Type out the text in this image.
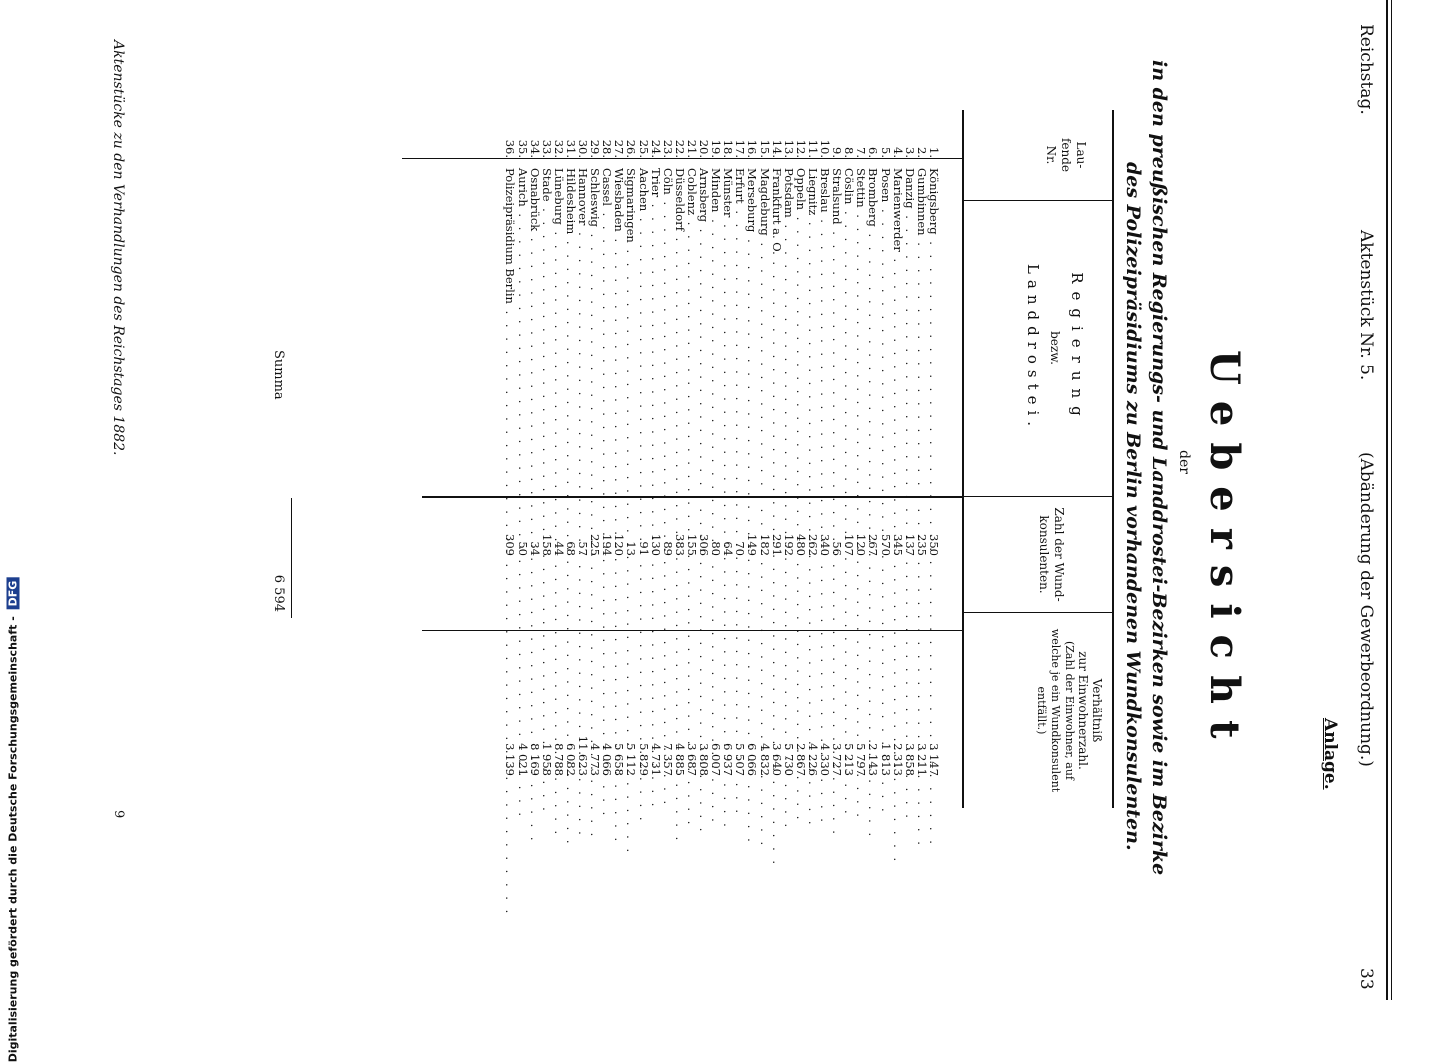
Digitalisierung gefördert durch die Deutsche Forschungsgemeinschaft - DFG
Reichstag.
Aktenstück Nr. 5.
(Abänderung der Gewerbeordnung.)
33
Anlage.
Uebersicht
der
in den preußischen Regierungs- und Landdrostei-Bezirken sowie im Bezirke
des Polizeipräsidiums zu Berlin vorhandenen Wundkonsulenten.
Lau-
fende
Nr.
Regierung
bezw.
Landdrostei.
Zahl der Wund-
konsulenten.
Verhältniß
zur Einwohnerzahl.
(Zahl der Einwohner, auf
welche je ein Wundkonsulent
entfällt.)
1.
Königsberg . . .
350
3 147
2.
Gumbinnen . . .
235
3 211
3.
Danzig . . .
137
3 858
4.
Marienwerder . . .
345
2 313
5.
Posen . . .
570
1 813
6.
Bromberg . . .
267
2 143
7.
Stettin . . .
120
5 797
8.
Cöslin . . .
107
5 213
9.
Stralsund . . .
56
3 727
10.
Breslau . . .
340
4 330
11.
Liegnitz . . .
262
4 226
12.
Oppeln . . .
480
2 867
13.
Potsdam . . .
192
5 730
14.
Frankfurt a. O. . . .
291
3 640
15.
Magdeburg . . .
182
4 832
16.
Merseburg . . .
149
6 066
17.
Erfurt . . .
70
5 507
18.
Münster . . .
64
6 937
19.
Minden . . .
80
6 007
20.
Arnsberg . . .
306
3 808
21.
Coblenz . . .
155
3 687
22.
Düsseldorf . . .
383
4 885
23.
Cöln . . .
89
7 357
24.
Trier . . .
130
4 731
25.
Aachen . . .
91
5 829
26.
Sigmaringen . . .
13
5 112
27.
Wiesbaden . . .
120
5 658
28.
Cassel . . .
194
4 066
29.
Schleswig . . .
225
4 773
30.
Hannover . . .
57
11 623
31.
Hildesheim . . .
68
6 082
32.
Lüneburg . . .
44
8 788
33.
Stade . . .
158
1 958
34.
Osnabrück . . .
34
8 169
35.
Aurich . . .
50
4 021
36.
Polizeipräsidium Berlin . . .
309
3 139
Summa
6 594
Aktenstücke zu den Verhandlungen des Reichstages 1882.
9
